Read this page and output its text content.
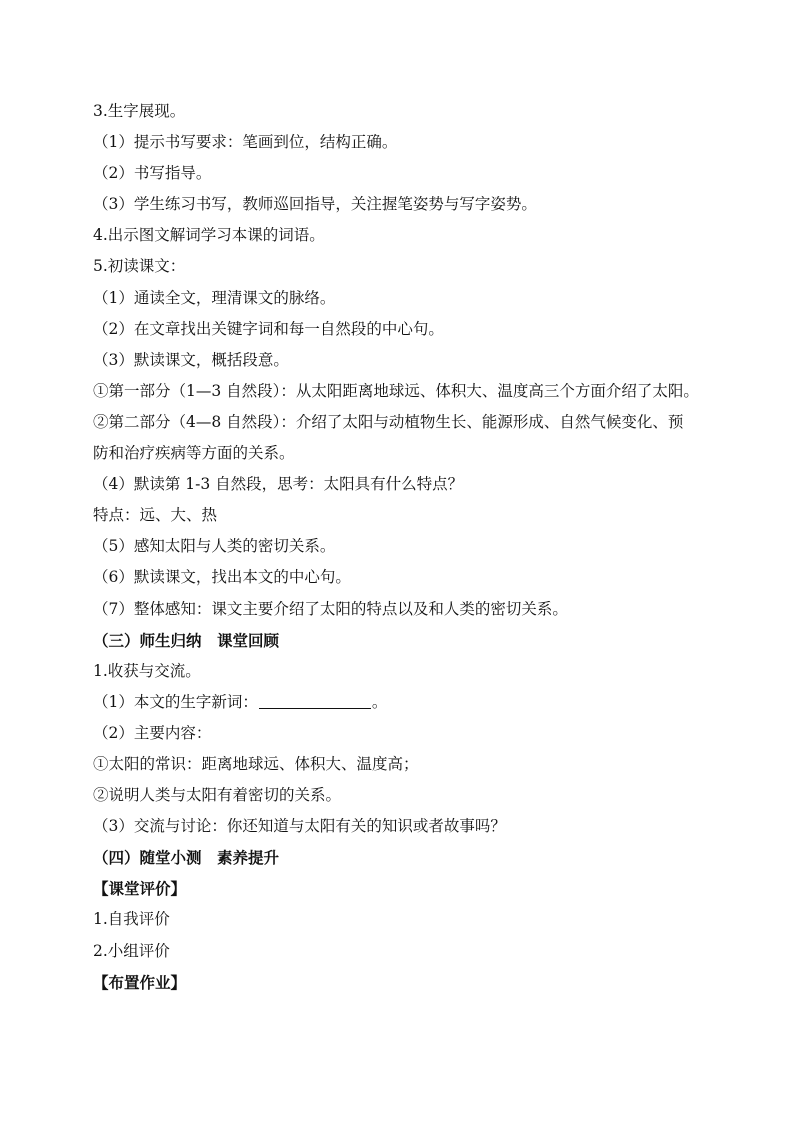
3.生字展现。
（1）提示书写要求：笔画到位，结构正确。
（2）书写指导。
（3）学生练习书写，教师巡回指导，关注握笔姿势与写字姿势。
4.出示图文解词学习本课的词语。
5.初读课文：
（1）通读全文，理清课文的脉络。
（2）在文章找出关键字词和每一自然段的中心句。
（3）默读课文，概括段意。
①第一部分（1—3 自然段）：从太阳距离地球远、体积大、温度高三个方面介绍了太阳。
②第二部分（4—8 自然段）：介绍了太阳与动植物生长、能源形成、自然气候变化、预
防和治疗疾病等方面的关系。
（4）默读第 1-3 自然段，思考：太阳具有什么特点？
特点：远、大、热
（5）感知太阳与人类的密切关系。
（6）默读课文，找出本文的中心句。
（7）整体感知：课文主要介绍了太阳的特点以及和人类的密切关系。
（三）师生归纳　课堂回顾
1.收获与交流。
（1）本文的生字新词：	。
（2）主要内容：
①太阳的常识：距离地球远、体积大、温度高；
②说明人类与太阳有着密切的关系。
（3）交流与讨论：你还知道与太阳有关的知识或者故事吗？
（四）随堂小测　素养提升
【课堂评价】
1.自我评价
2.小组评价
【布置作业】
